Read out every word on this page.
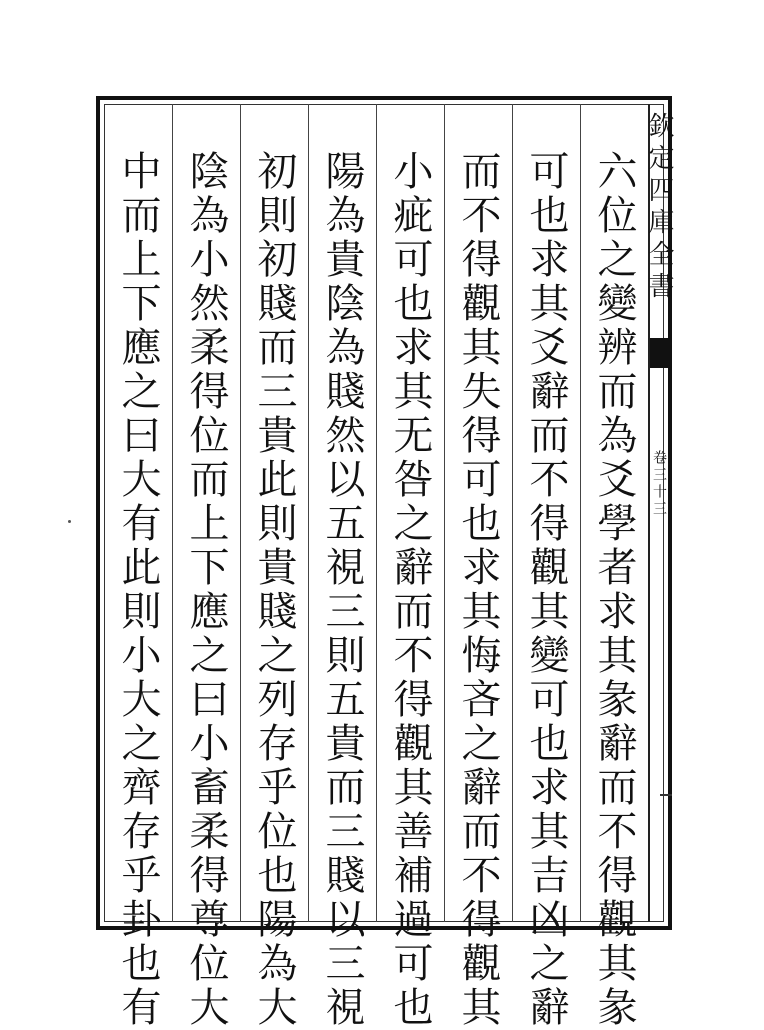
六位之變辨而為爻學者求其彖辭而不得觀其彖
可也求其爻辭而不得觀其變可也求其吉凶之辭
而不得觀其失得可也求其悔吝之辭而不得觀其
小疵可也求其无咎之辭而不得觀其善補過可也
陽為貴陰為賤然以五視三則五貴而三賤以三視
初則初賤而三貴此則貴賤之列存乎位也陽為大
陰為小然柔得位而上下應之曰小畜柔得尊位大
中而上下應之曰大有此則小大之齊存乎卦也有	欽定四庫全書
卷三十三
